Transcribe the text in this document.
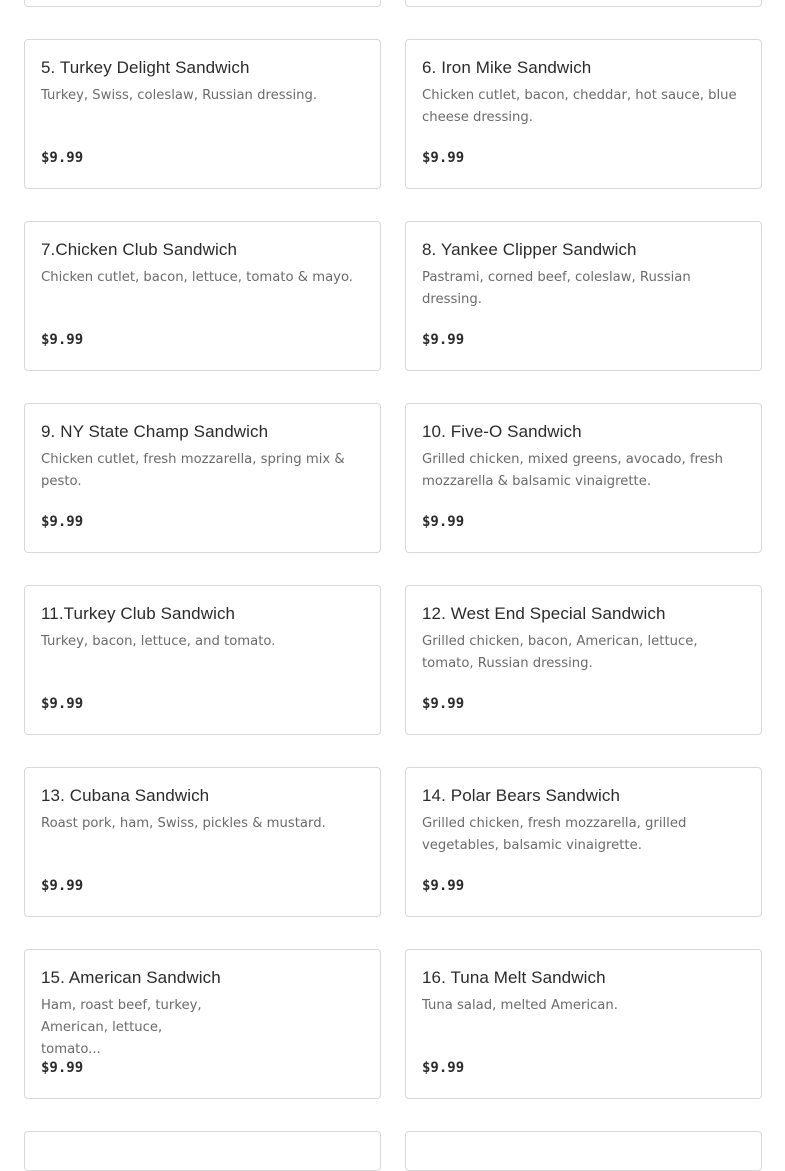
5. Turkey Delight Sandwich
Turkey, Swiss, coleslaw, Russian dressing.
$9.99
6. Iron Mike Sandwich
Chicken cutlet, bacon, cheddar, hot sauce, blue cheese dressing.
$9.99
7.Chicken Club Sandwich
Chicken cutlet, bacon, lettuce, tomato & mayo.
$9.99
8. Yankee Clipper Sandwich
Pastrami, corned beef, coleslaw, Russian dressing.
$9.99
9. NY State Champ Sandwich
Chicken cutlet, fresh mozzarella, spring mix & pesto.
$9.99
10. Five-O Sandwich
Grilled chicken, mixed greens, avocado, fresh mozzarella & balsamic vinaigrette.
$9.99
11.Turkey Club Sandwich
Turkey, bacon, lettuce, and tomato.
$9.99
12. West End Special Sandwich
Grilled chicken, bacon, American, lettuce, tomato, Russian dressing.
$9.99
13. Cubana Sandwich
Roast pork, ham, Swiss, pickles & mustard.
$9.99
14. Polar Bears Sandwich
Grilled chicken, fresh mozzarella, grilled vegetables, balsamic vinaigrette.
$9.99
15. American Sandwich
Ham, roast beef, turkey, American, lettuce, tomato...
$9.99
16. Tuna Melt Sandwich
Tuna salad, melted American.
$9.99
